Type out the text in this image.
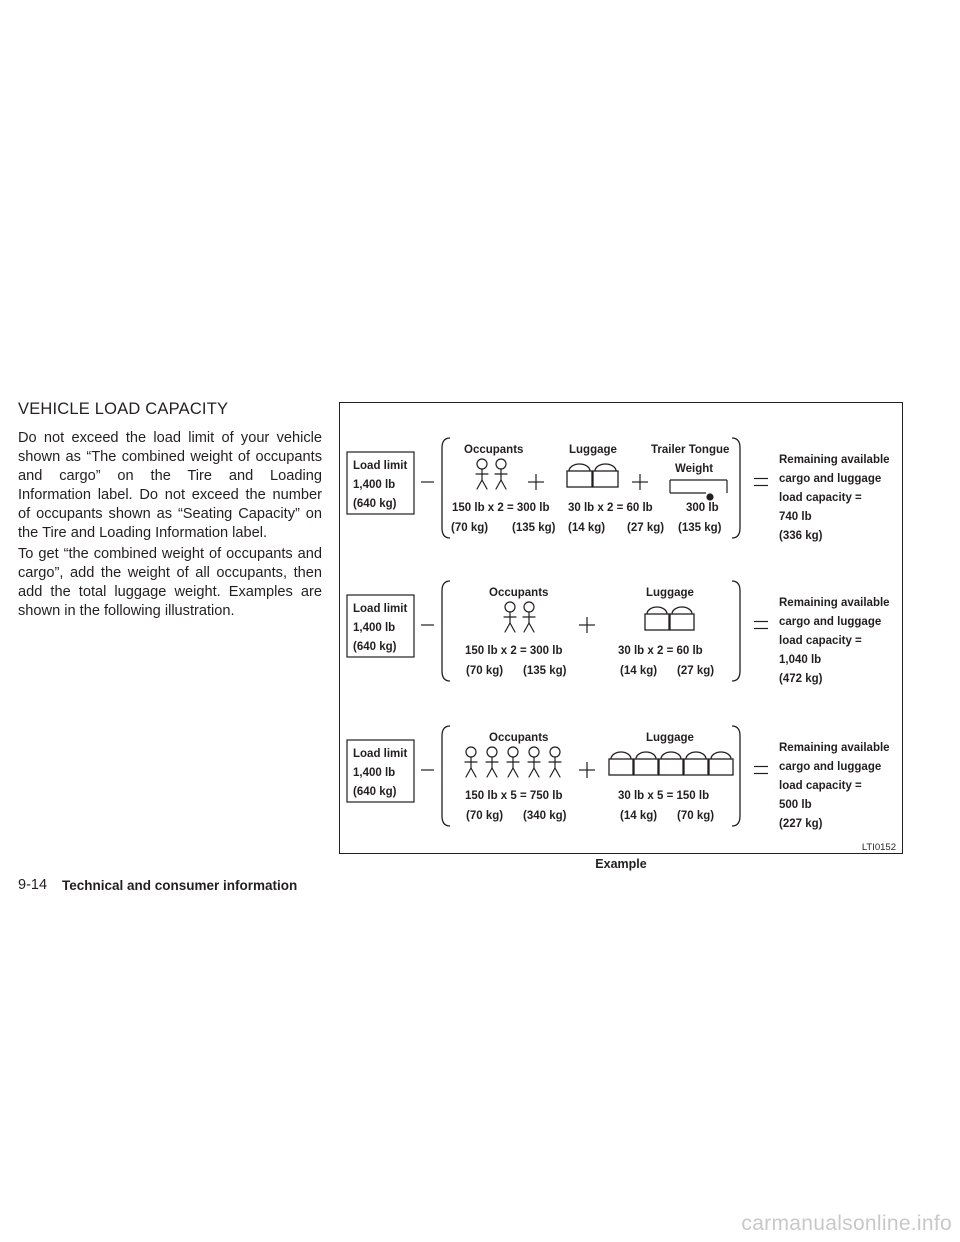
VEHICLE LOAD CAPACITY

Do not exceed the load limit of your vehicle shown as “The combined weight of occupants and cargo” on the Tire and Loading Information label. Do not exceed the number of occupants shown as “Seating Capacity” on the Tire and Loading Information label.

To get “the combined weight of occupants and cargo”, add the weight of all occupants, then add the total luggage weight. Examples are shown in the following illustration.

Load limit
1,400 lb
(640 kg)
Remaining available
cargo and luggage
load capacity =
740 lb
(336 kg)
Occupants	Luggage	Trailer Tongue
Weight
150 lb x 2 = 300 lb 30 lb x 2 = 60 lb	300 lb
(70 kg) (135 kg) (14 kg) (27 kg) (135 kg)
Load limit
1,400 lb
(640 kg)
Remaining available
cargo and luggage
load capacity =
1,040 lb
(472 kg)
Occupants	Luggage
150 lb x 2 = 300 lb	30 lb x 2 = 60 lb
(70 kg) (135 kg)	(14 kg) (27 kg)
Load limit
1,400 lb
(640 kg)
Remaining available
cargo and luggage
load capacity =
500 lb
(227 kg)
Occupants	Luggage
150 lb x 5 = 750 lb	30 lb x 5 = 150 lb
(70 kg) (340 kg)	(14 kg) (70 kg)
LTI0152
Example
9-14 Technical and consumer information
carmanualsonline.info
